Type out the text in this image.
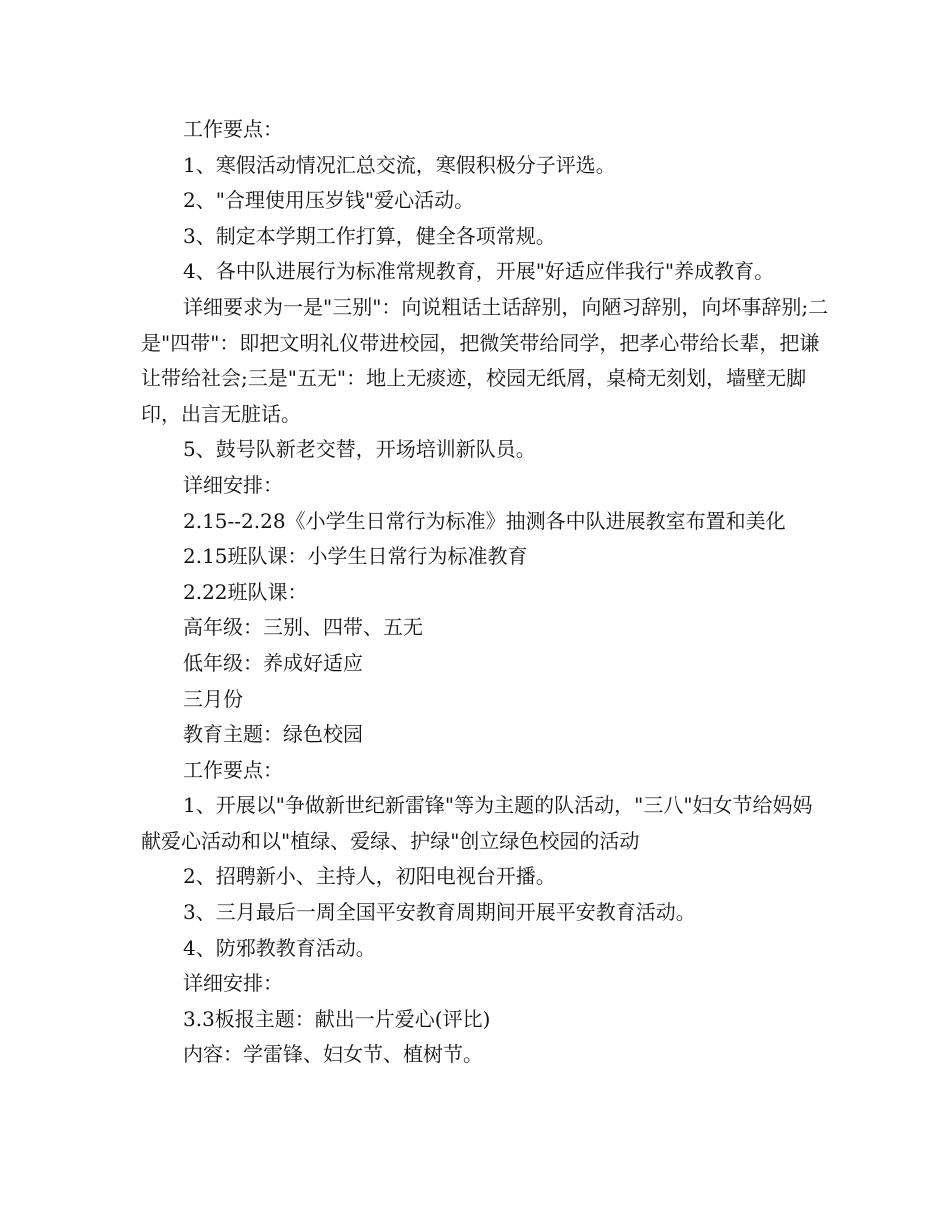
工作要点：

1、寒假活动情况汇总交流，寒假积极分子评选。

2、"合理使用压岁钱"爱心活动。

3、制定本学期工作打算，健全各项常规。

4、各中队进展行为标准常规教育，开展"好适应伴我行"养成教育。

详细要求为一是"三别"：向说粗话土话辞别，向陋习辞别，向坏事辞别;二是"四带"：即把文明礼仪带进校园，把微笑带给同学，把孝心带给长辈，把谦让带给社会;三是"五无"：地上无痰迹，校园无纸屑，桌椅无刻划，墙壁无脚印，出言无脏话。

5、鼓号队新老交替，开场培训新队员。

详细安排：

2.15--2.28《小学生日常行为标准》抽测各中队进展教室布置和美化

2.15班队课：小学生日常行为标准教育

2.22班队课：

高年级：三别、四带、五无

低年级：养成好适应

三月份

教育主题：绿色校园

工作要点：

1、开展以"争做新世纪新雷锋"等为主题的队活动，"三八"妇女节给妈妈献爱心活动和以"植绿、爱绿、护绿"创立绿色校园的活动

2、招聘新小、主持人，初阳电视台开播。

3、三月最后一周全国平安教育周期间开展平安教育活动。

4、防邪教教育活动。

详细安排：

3.3板报主题：献出一片爱心(评比)

内容：学雷锋、妇女节、植树节。
